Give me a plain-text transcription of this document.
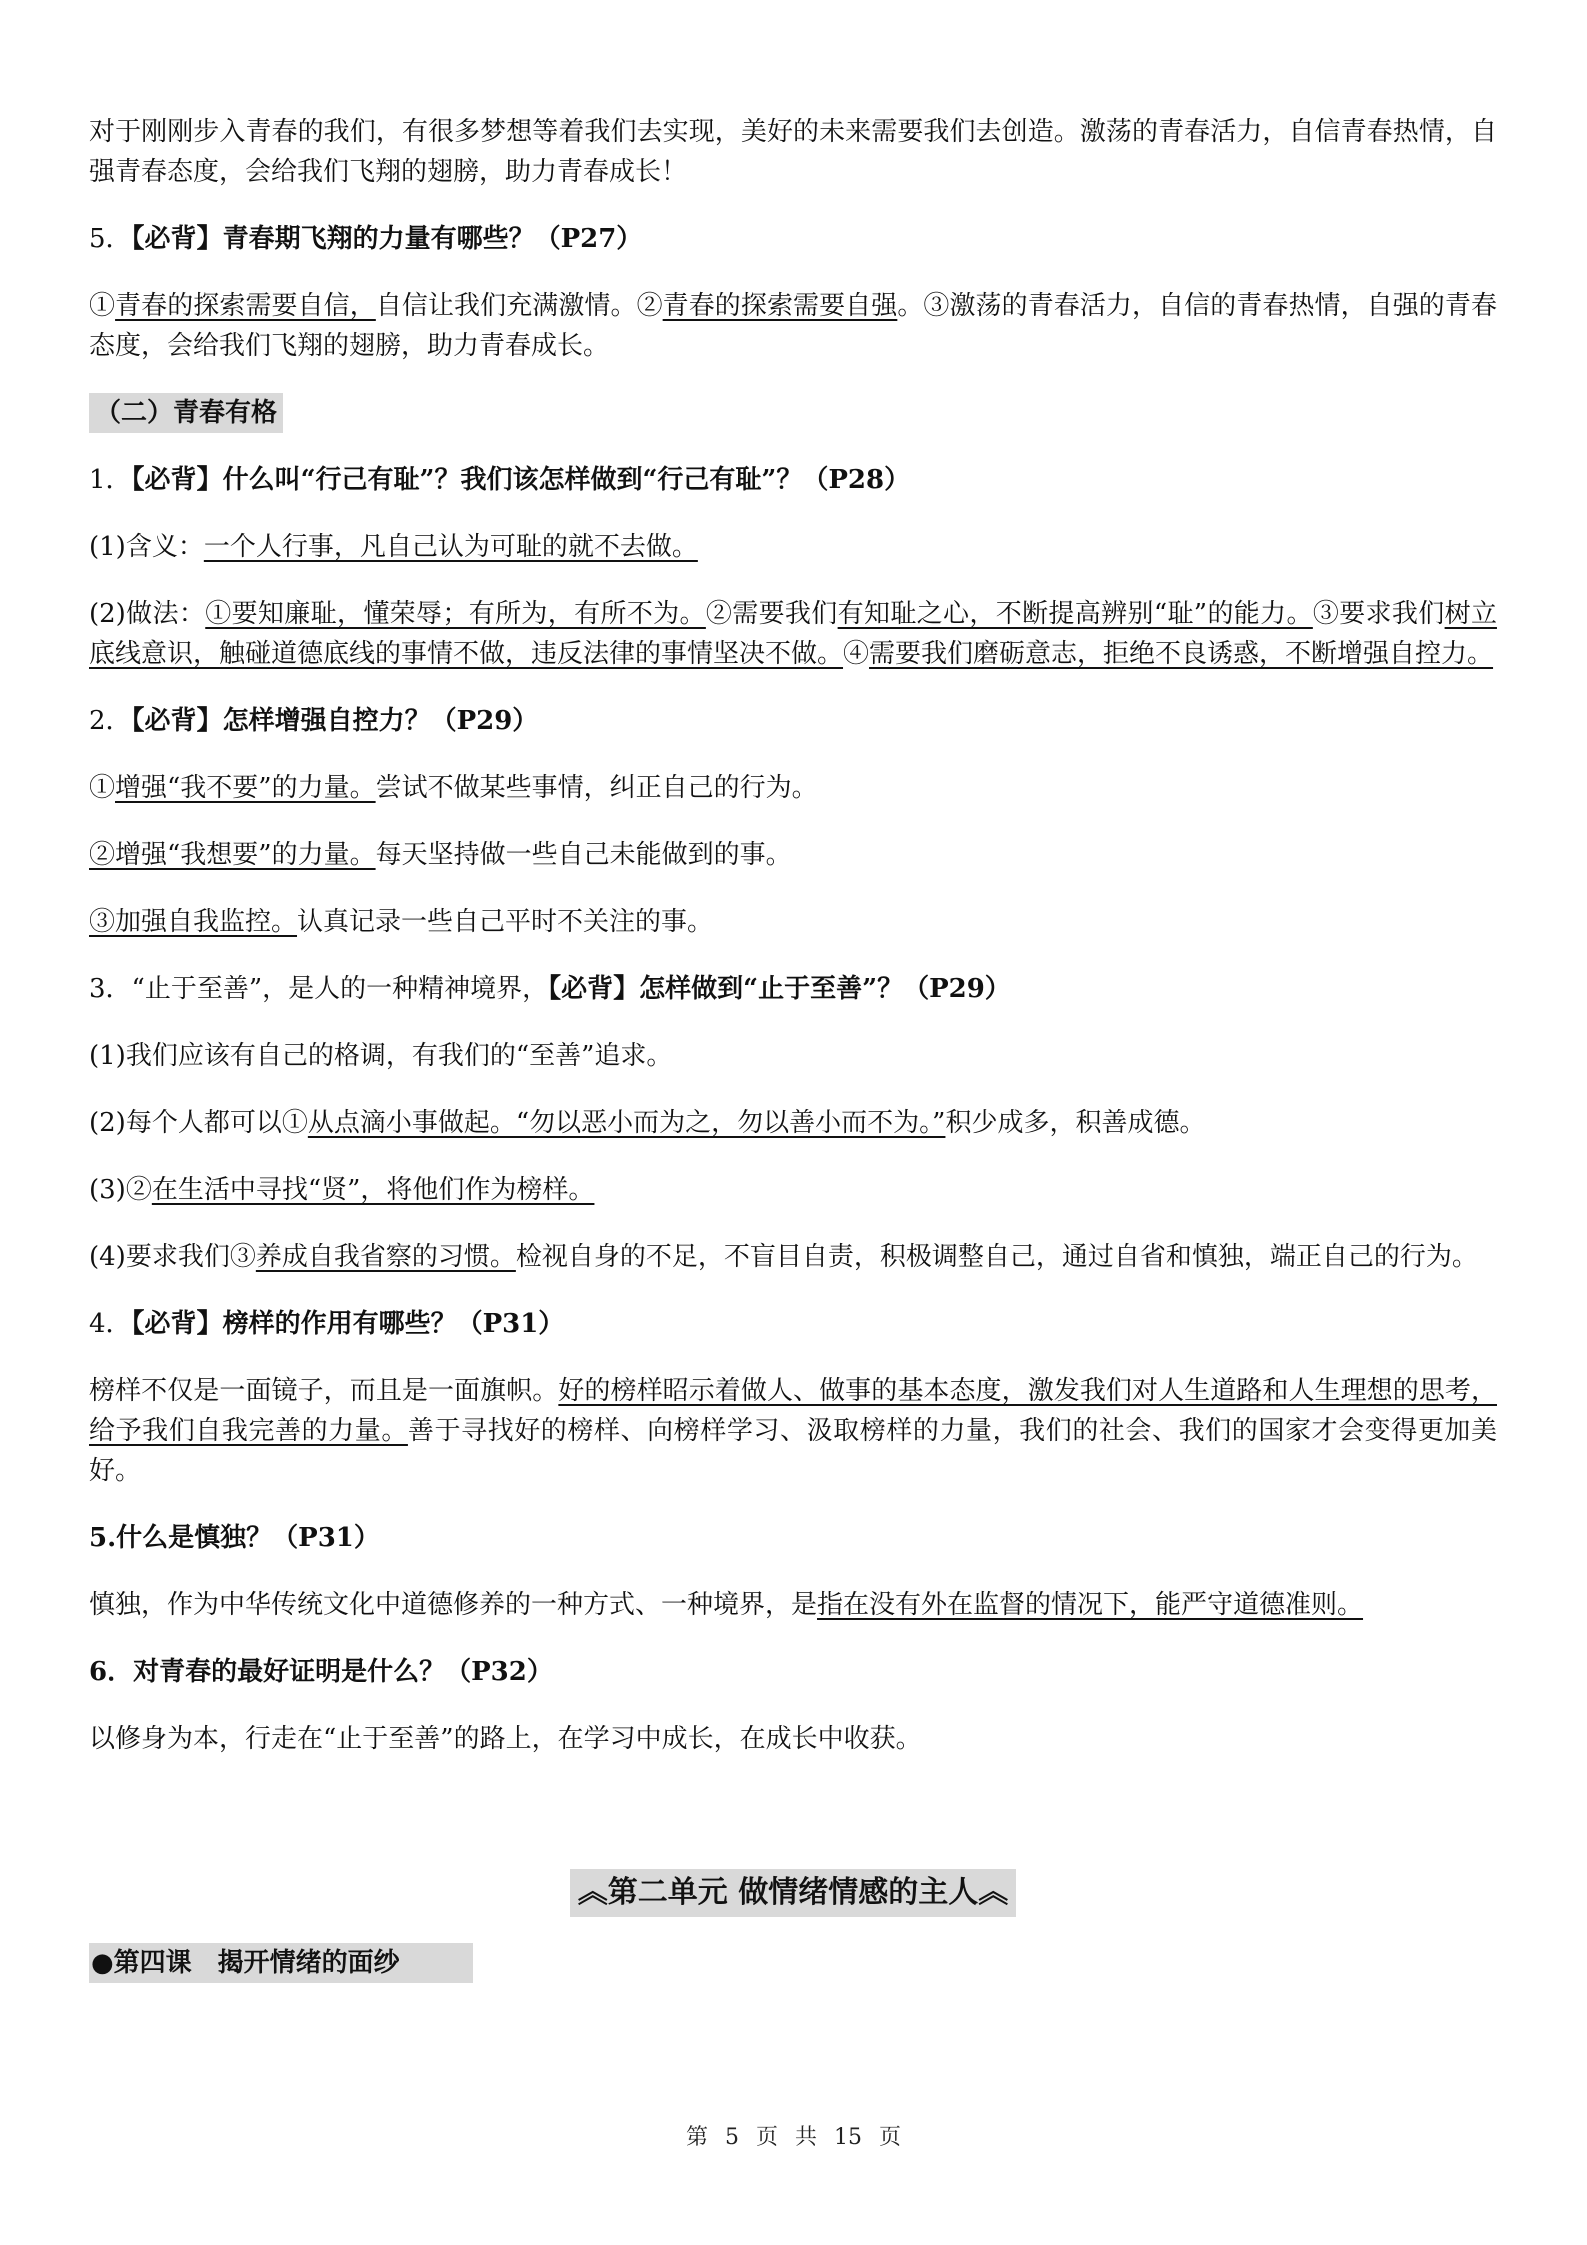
对于刚刚步入青春的我们，有很多梦想等着我们去实现，美好的未来需要我们去创造。激荡的青春活力，自信青春热情，自强青春态度，会给我们飞翔的翅膀，助力青春成长！

5．【必背】青春期飞翔的力量有哪些？（P27）

①青春的探索需要自信，自信让我们充满激情。②青春的探索需要自强。③激荡的青春活力，自信的青春热情，自强的青春态度，会给我们飞翔的翅膀，助力青春成长。

（二）青春有格

1．【必背】什么叫“行己有耻”？我们该怎样做到“行己有耻”？（P28）

(1)含义：一个人行事，凡自己认为可耻的就不去做。

(2)做法：①要知廉耻，懂荣辱；有所为，有所不为。②需要我们有知耻之心，不断提高辨别“耻”的能力。③要求我们树立底线意识，触碰道德底线的事情不做，违反法律的事情坚决不做。④需要我们磨砺意志，拒绝不良诱惑，不断增强自控力。

2．【必背】怎样增强自控力？（P29）

①增强“我不要”的力量。尝试不做某些事情，纠正自己的行为。

②增强“我想要”的力量。每天坚持做一些自己未能做到的事。

③加强自我监控。认真记录一些自己平时不关注的事。

3．“止于至善”，是人的一种精神境界，【必背】怎样做到“止于至善”？（P29）

(1)我们应该有自己的格调，有我们的“至善”追求。

(2)每个人都可以①从点滴小事做起。“勿以恶小而为之，勿以善小而不为。”积少成多，积善成德。

(3)②在生活中寻找“贤”，将他们作为榜样。

(4)要求我们③养成自我省察的习惯。检视自身的不足，不盲目自责，积极调整自己，通过自省和慎独，端正自己的行为。

4．【必背】榜样的作用有哪些？（P31）

榜样不仅是一面镜子，而且是一面旗帜。好的榜样昭示着做人、做事的基本态度，激发我们对人生道路和人生理想的思考，给予我们自我完善的力量。善于寻找好的榜样、向榜样学习、汲取榜样的力量，我们的社会、我们的国家才会变得更加美好。

5.什么是慎独？（P31）

慎独，作为中华传统文化中道德修养的一种方式、一种境界，是指在没有外在监督的情况下，能严守道德准则。

6．对青春的最好证明是什么？（P32）

以修身为本，行走在“止于至善”的路上，在学习中成长，在成长中收获。

︽第二单元 做情绪情感的主人︽
●第四课　揭开情绪的面纱
第 5 页 共 15 页
